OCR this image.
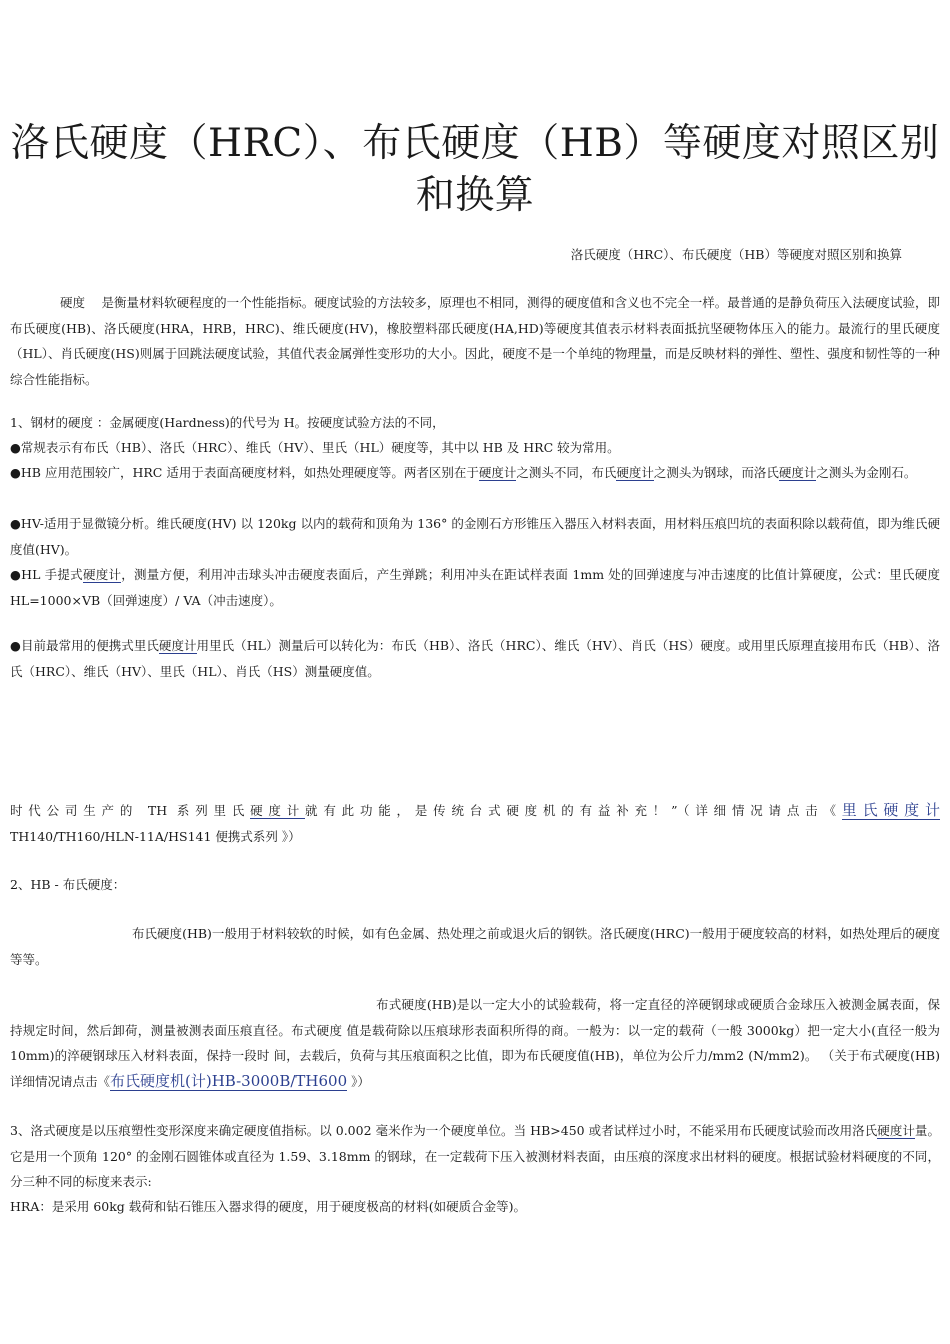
洛氏硬度（HRC）、布氏硬度（HB）等硬度对照区别和换算

洛氏硬度（HRC）、布氏硬度（HB）等硬度对照区别和换算

硬度　 是衡量材料软硬程度的一个性能指标。硬度试验的方法较多，原理也不相同，测得的硬度值和含义也不完全一样。最普通的是静负荷压入法硬度试验，即布氏硬度(HB)、洛氏硬度(HRA，HRB，HRC)、维氏硬度(HV)，橡胶塑料邵氏硬度(HA,HD)等硬度其值表示材料表面抵抗坚硬物体压入的能力。最流行的里氏硬度（HL）、肖氏硬度(HS)则属于回跳法硬度试验，其值代表金属弹性变形功的大小。因此，硬度不是一个单纯的物理量，而是反映材料的弹性、塑性、强度和韧性等的一种综合性能指标。

1、钢材的硬度 ：金属硬度(Hardness)的代号为 H。按硬度试验方法的不同，

●常规表示有布氏（HB）、洛氏（HRC）、维氏（HV）、里氏（HL）硬度等，其中以 HB 及 HRC 较为常用。

●HB 应用范围较广，HRC 适用于表面高硬度材料，如热处理硬度等。两者区别在于硬度计之测头不同，布氏硬度计之测头为钢球，而洛氏硬度计之测头为金刚石。

●HV-适用于显微镜分析。维氏硬度(HV) 以 120kg 以内的载荷和顶角为 136° 的金刚石方形锥压入器压入材料表面，用材料压痕凹坑的表面积除以载荷值，即为维氏硬度值(HV)。

●HL 手提式硬度计，测量方便，利用冲击球头冲击硬度表面后，产生弹跳；利用冲头在距试样表面 1mm 处的回弹速度与冲击速度的比值计算硬度，公式：里氏硬度 HL=1000×VB（回弹速度）/ VA（冲击速度）。

●目前最常用的便携式里氏硬度计用里氏（HL）测量后可以转化为：布氏（HB）、洛氏（HRC）、维氏（HV）、肖氏（HS）硬度。或用里氏原理直接用布氏（HB）、洛氏（HRC）、维氏（HV）、里氏（HL）、肖氏（HS）测量硬度值。

时代公司生产的 TH 系列里氏硬度计就有此功能，是传统台式硬度机的有益补充！”（详细情况请点击《里氏硬度计 TH140/TH160/HLN-11A/HS141 便携式系列 》）

2、HB - 布氏硬度：

布氏硬度(HB)一般用于材料较软的时候，如有色金属、热处理之前或退火后的钢铁。洛氏硬度(HRC)一般用于硬度较高的材料，如热处理后的硬度等等。

布式硬度(HB)是以一定大小的试验载荷，将一定直径的淬硬钢球或硬质合金球压入被测金属表面，保持规定时间，然后卸荷，测量被测表面压痕直径。布式硬度 值是载荷除以压痕球形表面积所得的商。一般为：以一定的载荷（一般 3000kg）把一定大小(直径一般为 10mm)的淬硬钢球压入材料表面，保持一段时 间，去载后，负荷与其压痕面积之比值，即为布氏硬度值(HB)，单位为公斤力/mm2 (N/mm2)。 （关于布式硬度(HB)详细情况请点击《布氏硬度机(计)HB-3000B/TH600 》）

3、洛式硬度是以压痕塑性变形深度来确定硬度值指标。以 0.002 毫米作为一个硬度单位。当 HB>450 或者试样过小时，不能采用布氏硬度试验而改用洛氏硬度计量。它是用一个顶角 120° 的金刚石圆锥体或直径为 1.59、3.18mm 的钢球，在一定载荷下压入被测材料表面，由压痕的深度求出材料的硬度。根据试验材料硬度的不同，分三种不同的标度来表示:

HRA：是采用 60kg 载荷和钻石锥压入器求得的硬度，用于硬度极高的材料(如硬质合金等)。
